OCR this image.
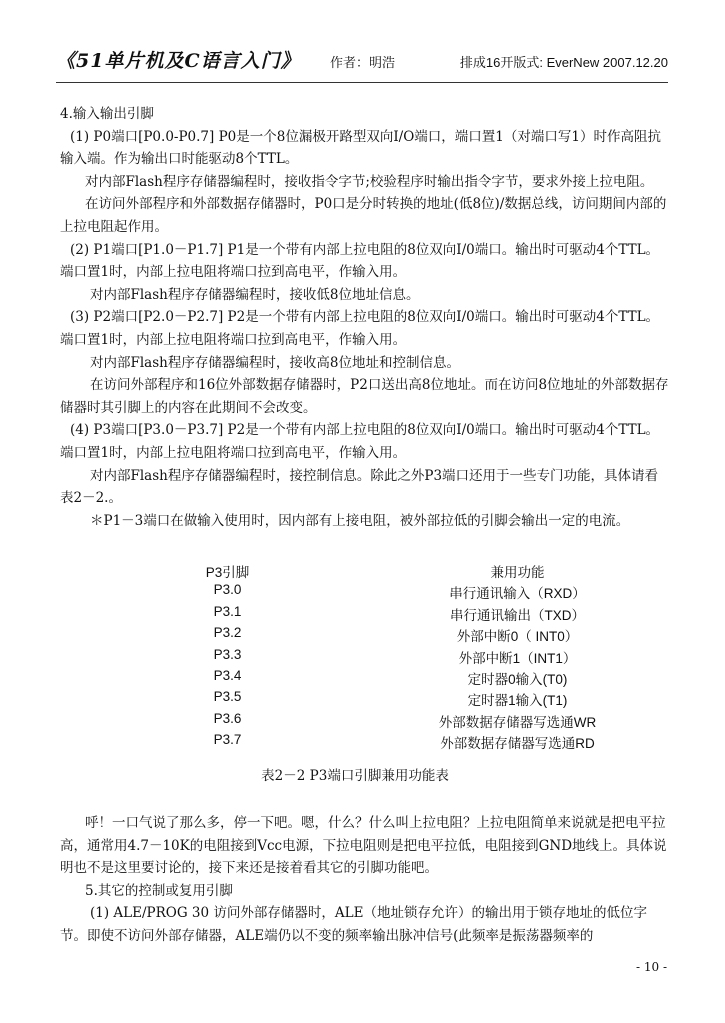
《51单片机及C语言入门》 作者：明浩	排成16开版式: EverNew 2007.12.20

4.输入输出引脚

(1) P0端口[P0.0-P0.7] P0是一个8位漏极开路型双向I/O端口，端口置1（对端口写1）时作高阻抗输入端。作为输出口时能驱动8个TTL。

对内部Flash程序存储器编程时，接收指令字节;校验程序时输出指令字节，要求外接上拉电阻。

在访问外部程序和外部数据存储器时，P0口是分时转换的地址(低8位)/数据总线，访问期间内部的上拉电阻起作用。

(2) P1端口[P1.0－P1.7] P1是一个带有内部上拉电阻的8位双向I/0端口。输出时可驱动4个TTL。端口置1时，内部上拉电阻将端口拉到高电平，作输入用。

对内部Flash程序存储器编程时，接收低8位地址信息。

(3) P2端口[P2.0－P2.7] P2是一个带有内部上拉电阻的8位双向I/0端口。输出时可驱动4个TTL。端口置1时，内部上拉电阻将端口拉到高电平，作输入用。

对内部Flash程序存储器编程时，接收高8位地址和控制信息。

在访问外部程序和16位外部数据存储器时，P2口送出高8位地址。而在访问8位地址的外部数据存储器时其引脚上的内容在此期间不会改变。

(4) P3端口[P3.0－P3.7] P2是一个带有内部上拉电阻的8位双向I/0端口。输出时可驱动4个TTL。端口置1时，内部上拉电阻将端口拉到高电平，作输入用。

对内部Flash程序存储器编程时，接控制信息。除此之外P3端口还用于一些专门功能，具体请看 表2－2.。

＊P1－3端口在做输入使用时，因内部有上接电阻，被外部拉低的引脚会输出一定的电流。

P3引脚	兼用功能
P3.0	串行通讯输入（RXD）
P3.1	串行通讯输出（TXD）
P3.2	外部中断0（ INT0）
P3.3	外部中断1（INT1）
P3.4	定时器0输入(T0)
P3.5	定时器1输入(T1)
P3.6	外部数据存储器写选通WR
P3.7	外部数据存储器写选通RD
表2－2 P3端口引脚兼用功能表

呼！一口气说了那么多，停一下吧。嗯，什么？什么叫上拉电阻？上拉电阻简单来说就是把电平拉高，通常用4.7－10K的电阻接到Vcc电源，下拉电阻则是把电平拉低，电阻接到GND地线上。具体说明也不是这里要讨论的，接下来还是接着看其它的引脚功能吧。

5.其它的控制或复用引脚

(1) ALE/PROG 30 访问外部存储器时，ALE（地址锁存允许）的输出用于锁存地址的低位字节。即使不访问外部存储器，ALE端仍以不变的频率输出脉冲信号(此频率是振荡器频率的

- 10 -
